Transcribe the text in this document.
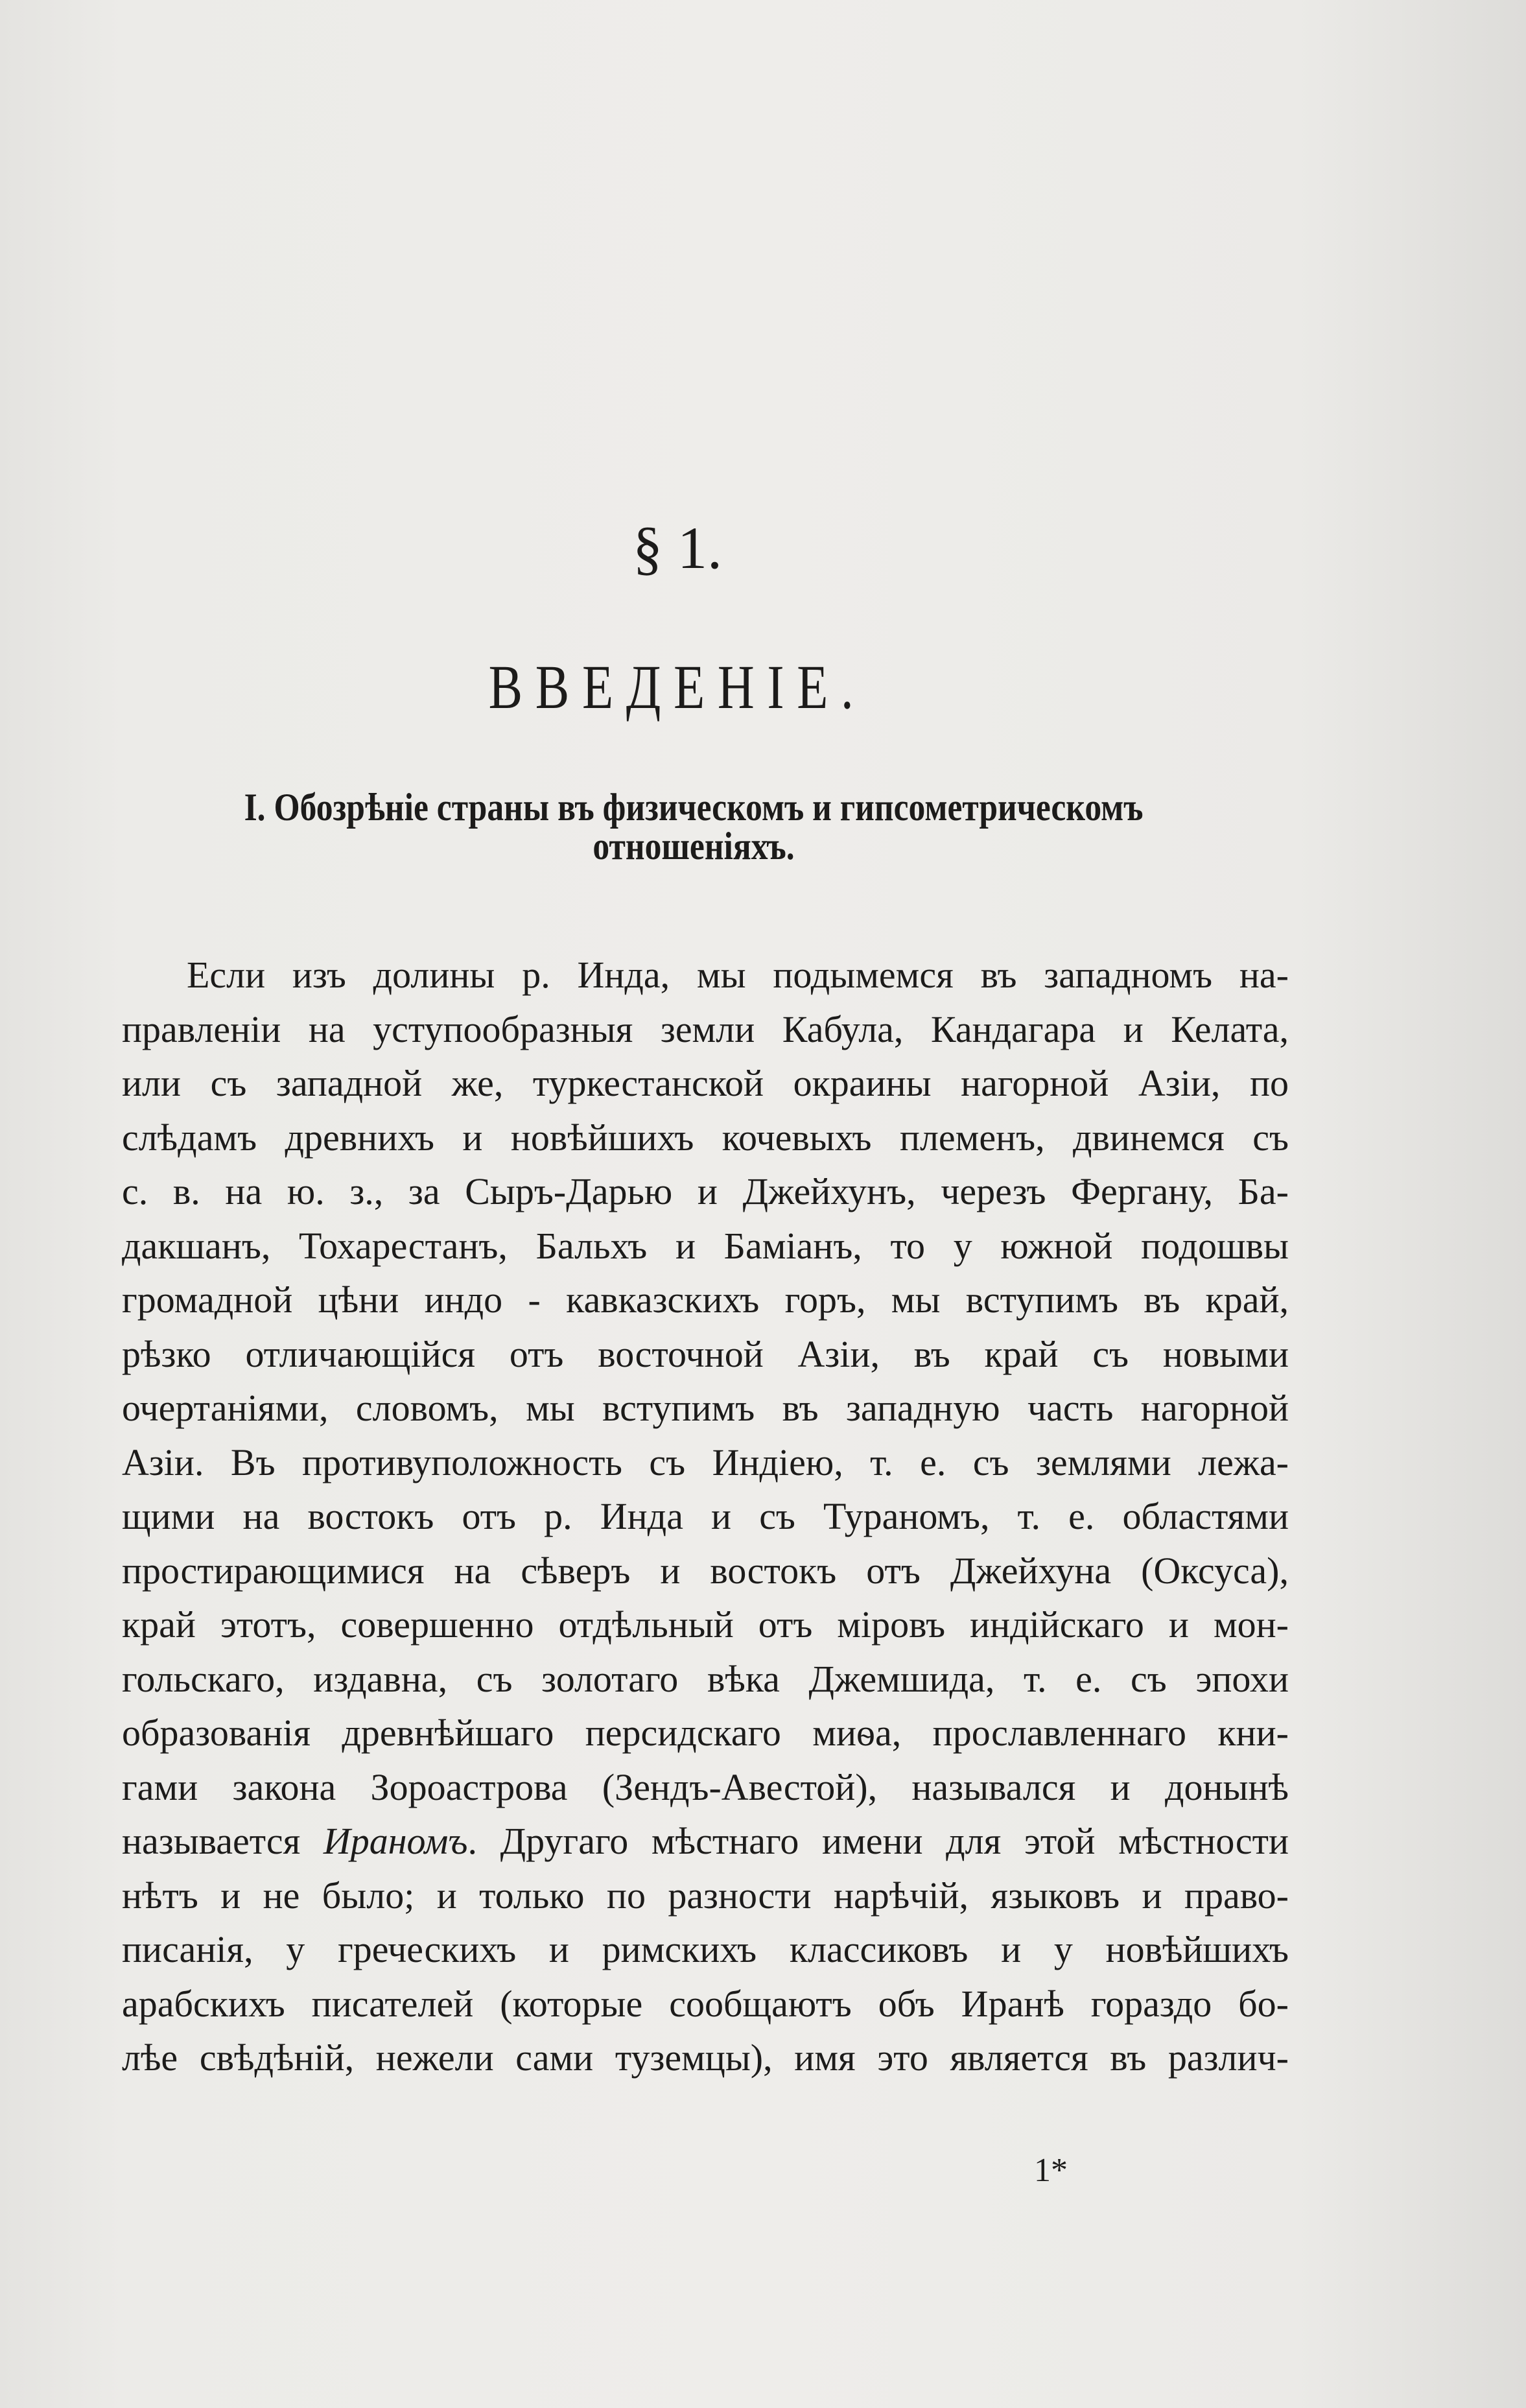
§ 1.
ВВЕДЕНІЕ.
I. Обозрѣніе страны въ физическомъ и гипсометрическомъ
отношеніяхъ.
Если изъ долины р. Инда, мы подымемся въ западномъ на-
правленіи на уступообразныя земли Кабула, Кандагара и Келата,
или съ западной же, туркестанской окраины нагорной Азіи, по
слѣдамъ древнихъ и новѣйшихъ кочевыхъ племенъ, двинемся съ
с. в. на ю. з., за Сыръ-Дарью и Джейхунъ, черезъ Фергану, Ба-
дакшанъ, Тохарестанъ, Бальхъ и Баміанъ, то у южной подошвы
громадной цѣни индо - кавказскихъ горъ, мы вступимъ въ край,
рѣзко отличающійся отъ восточной Азіи, въ край съ новыми
очертаніями, словомъ, мы вступимъ въ западную часть нагорной
Азіи. Въ противуположность съ Индіею, т. е. съ землями лежа-
щими на востокъ отъ р. Инда и съ Тураномъ, т. е. областями
простирающимися на сѣверъ и востокъ отъ Джейхуна (Оксуса),
край этотъ, совершенно отдѣльный отъ міровъ индійскаго и мон-
гольскаго, издавна, съ золотаго вѣка Джемшида, т. е. съ эпохи
образованія древнѣйшаго персидскаго миѳа, прославленнаго кни-
гами закона Зороастрова (Зендъ-Авестой), назывался и донынѣ
называется Ираномъ. Другаго мѣстнаго имени для этой мѣстности
нѣтъ и не было; и только по разности нарѣчій, языковъ и право-
писанія, у греческихъ и римскихъ классиковъ и у новѣйшихъ
арабскихъ писателей (которые сообщаютъ объ Иранѣ гораздо бо-
лѣе свѣдѣній, нежели сами туземцы), имя это является въ различ-
1*
